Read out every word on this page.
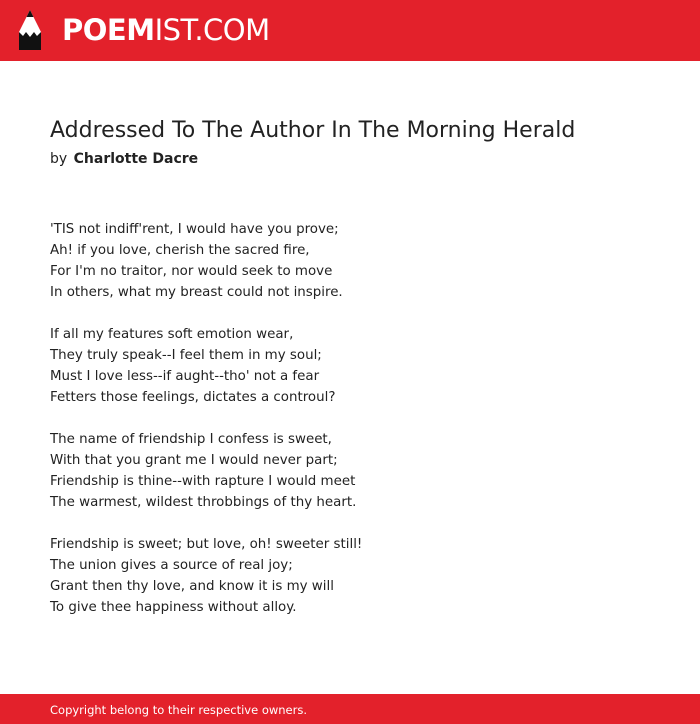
POEMIST.COM
Addressed To The Author In The Morning Herald
by Charlotte Dacre
'TIS not indiff'rent, I would have you prove;
Ah! if you love, cherish the sacred fire,
For I'm no traitor, nor would seek to move
In others, what my breast could not inspire.
If all my features soft emotion wear,
They truly speak--I feel them in my soul;
Must I love less--if aught--tho' not a fear
Fetters those feelings, dictates a controul?
The name of friendship I confess is sweet,
With that you grant me I would never part;
Friendship is thine--with rapture I would meet
The warmest, wildest throbbings of thy heart.
Friendship is sweet; but love, oh! sweeter still!
The union gives a source of real joy;
Grant then thy love, and know it is my will
To give thee happiness without alloy.
Copyright belong to their respective owners.
